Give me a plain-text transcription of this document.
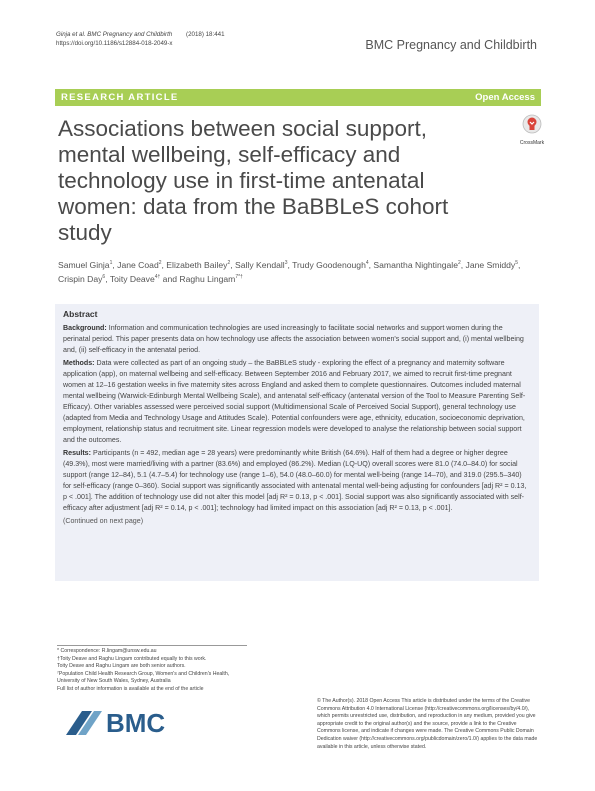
Ginja et al. BMC Pregnancy and Childbirth (2018) 18:441
https://doi.org/10.1186/s12884-018-2049-x	BMC Pregnancy and Childbirth
RESEARCH ARTICLE	Open Access
Associations between social support, mental wellbeing, self-efficacy and technology use in first-time antenatal women: data from the BaBBLeS cohort study
CrossMark
Samuel Ginja$^1$, Jane Coad$^2$, Elizabeth Bailey$^2$, Sally Kendall$^3$, Trudy Goodenough$^4$, Samantha Nightingale$^2$, Jane Smiddy$^5$, Crispin Day$^6$, Toity Deave$^{4\dagger}$ and Raghu Lingam$^{7*\dagger}$
Abstract

Background: Information and communication technologies are used increasingly to facilitate social networks and support women during the perinatal period. This paper presents data on how technology use affects the association between women's social support and, (i) mental wellbeing and, (ii) self-efficacy in the antenatal period.

Methods: Data were collected as part of an ongoing study – the BaBBLeS study - exploring the effect of a pregnancy and maternity software application (app), on maternal wellbeing and self-efficacy. Between September 2016 and February 2017, we aimed to recruit first-time pregnant women at 12–16 gestation weeks in five maternity sites across England and asked them to complete questionnaires. Outcomes included maternal mental wellbeing (Warwick-Edinburgh Mental Wellbeing Scale), and antenatal self-efficacy (antenatal version of the Tool to Measure Parenting Self-Efficacy). Other variables assessed were perceived social support (Multidimensional Scale of Perceived Social Support), general technology use (adapted from Media and Technology Usage and Attitudes Scale). Potential confounders were age, ethnicity, education, socioeconomic deprivation, employment, relationship status and recruitment site. Linear regression models were developed to analyse the relationship between social support and the outcomes.

Results: Participants (n = 492, median age = 28 years) were predominantly white British (64.6%). Half of them had a degree or higher degree (49.3%), most were married/living with a partner (83.6%) and employed (86.2%). Median (LQ-UQ) overall scores were 81.0 (74.0–84.0) for social support (range 12–84), 5.1 (4.7–5.4) for technology use (range 1–6), 54.0 (48.0–60.0) for mental well-being (range 14–70), and 319.0 (295.5–340) for self-efficacy (range 0–360). Social support was significantly associated with antenatal mental well-being adjusting for confounders [adj R² = 0.13, p < .001]. The addition of technology use did not alter this model [adj R² = 0.13, p < .001]. Social support was also significantly associated with self-efficacy after adjustment [adj R² = 0.14, p < .001]; technology had limited impact on this association [adj R² = 0.13, p < .001].

(Continued on next page)

* Correspondence: R.lingam@unsw.edu.au
†Toity Deave and Raghu Lingam contributed equally to this work.
Toity Deave and Raghu Lingam are both senior authors.
⁷Population Child Health Research Group, Women's and Children's Health,
University of New South Wales, Sydney, Australia
Full list of author information is available at the end of the article
BMC
© The Author(s). 2018 Open Access This article is distributed under the terms of the Creative Commons Attribution 4.0 International License (http://creativecommons.org/licenses/by/4.0/), which permits unrestricted use, distribution, and reproduction in any medium, provided you give appropriate credit to the original author(s) and the source, provide a link to the Creative Commons license, and indicate if changes were made. The Creative Commons Public Domain Dedication waiver (http://creativecommons.org/publicdomain/zero/1.0/) applies to the data made available in this article, unless otherwise stated.
